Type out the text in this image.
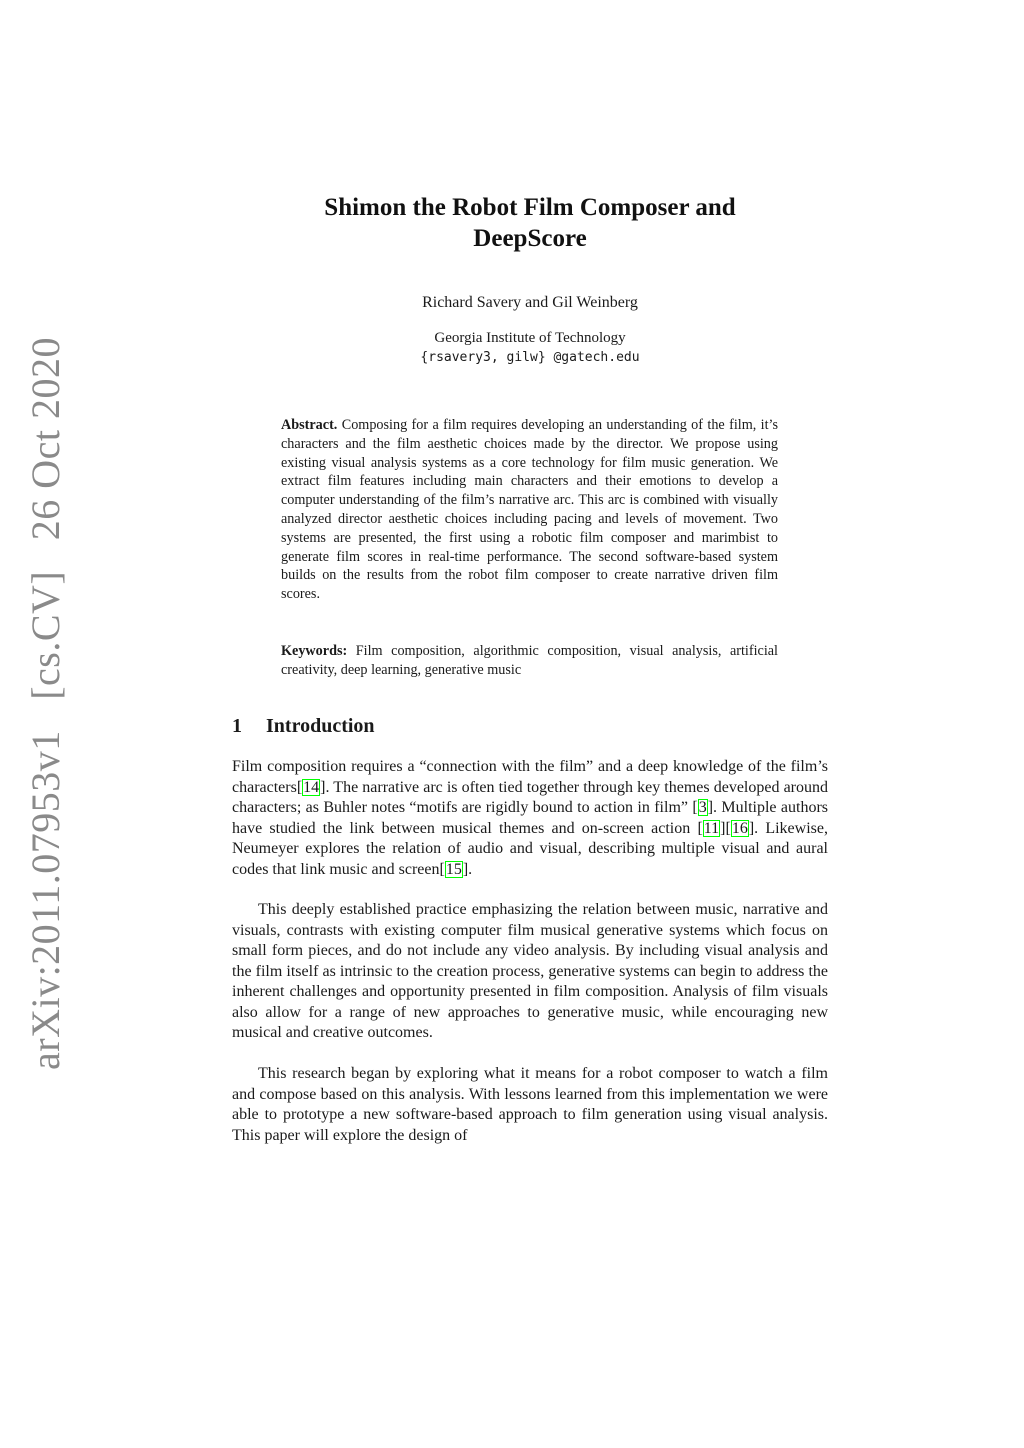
arXiv:2011.07953v1 [cs.CV] 26 Oct 2020
Shimon the Robot Film Composer and
DeepScore
Richard Savery and Gil Weinberg
Georgia Institute of Technology
{rsavery3, gilw} @gatech.edu
Abstract. Composing for a film requires developing an understanding of the film, it’s characters and the film aesthetic choices made by the director. We propose using existing visual analysis systems as a core technology for film music generation. We extract film features including main characters and their emotions to develop a computer understanding of the film’s narrative arc. This arc is combined with visually analyzed director aesthetic choices including pacing and levels of movement. Two systems are presented, the first using a robotic film composer and marimbist to generate film scores in real-time performance. The second software-based system builds on the results from the robot film composer to create narrative driven film scores.
Keywords: Film composition, algorithmic composition, visual analysis, artificial creativity, deep learning, generative music
1 Introduction

Film composition requires a “connection with the film” and a deep knowledge of the film’s characters[14]. The narrative arc is often tied together through key themes developed around characters; as Buhler notes “motifs are rigidly bound to action in film” [3]. Multiple authors have studied the link between musical themes and on-screen action [11][16]. Likewise, Neumeyer explores the relation of audio and visual, describing multiple visual and aural codes that link music and screen[15].

This deeply established practice emphasizing the relation between music, narrative and visuals, contrasts with existing computer film musical generative systems which focus on small form pieces, and do not include any video analysis. By including visual analysis and the film itself as intrinsic to the creation process, generative systems can begin to address the inherent challenges and opportunity presented in film composition. Analysis of film visuals also allow for a range of new approaches to generative music, while encouraging new musical and creative outcomes.

This research began by exploring what it means for a robot composer to watch a film and compose based on this analysis. With lessons learned from this implementation we were able to prototype a new software-based approach to film generation using visual analysis. This paper will explore the design of
